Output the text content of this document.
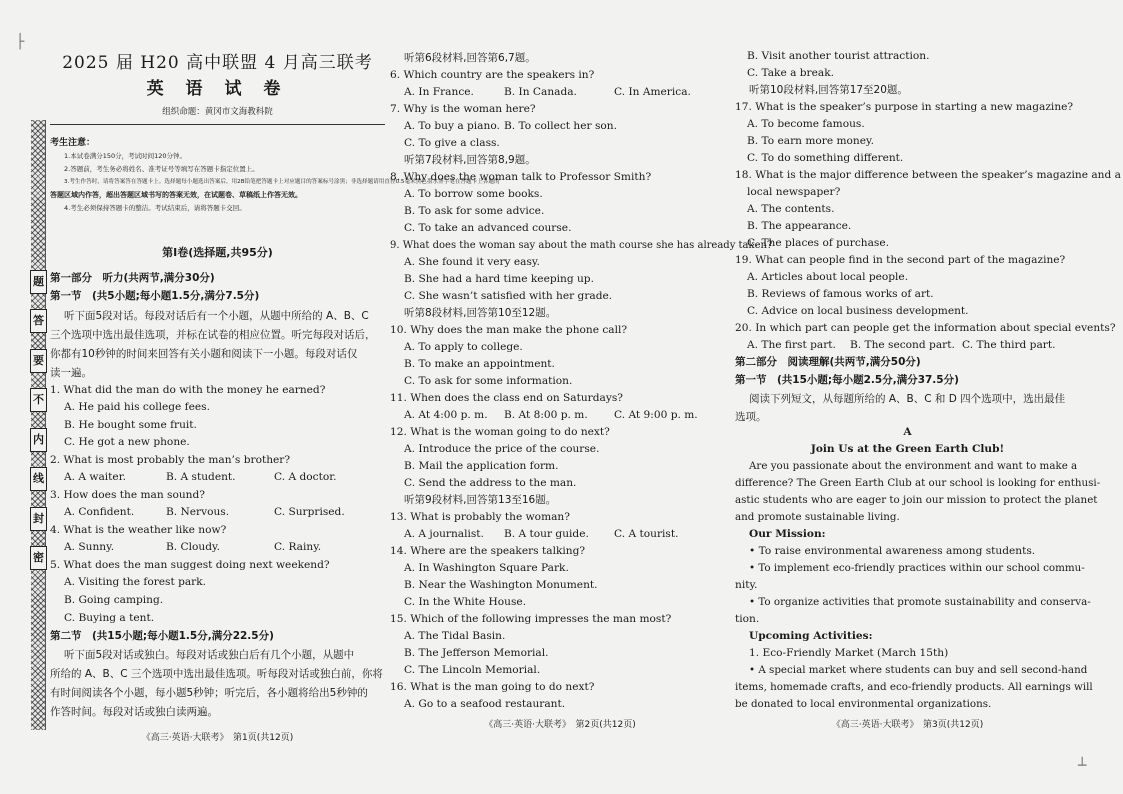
├
┴
题
答
要
不
内
线
封
密
2025 届 H20 高中联盟 4 月高三联考
英 语 试 卷
组织命题：黄冈市文海教科院
考生注意：
1.本试卷满分150分，考试时间120分钟。
2.答题前，考生务必将姓名、准考证号等填写在答题卡指定位置上。
3.考生作答时，请将答案答在答题卡上。选择题每小题选出答案后，用2B铅笔把答题卡上对应题目的答案标号涂黑；非选择题请用直径0.5毫米黑色墨水签字笔在答题卡上各题的
答题区域内作答，超出答题区域书写的答案无效，在试题卷、草稿纸上作答无效。
4.考生必须保持答题卡的整洁。考试结束后，请将答题卡交回。
第Ⅰ卷(选择题,共95分)
第一部分　听力(共两节,满分30分)
第一节　(共5小题;每小题1.5分,满分7.5分)
听下面5段对话。每段对话后有一个小题，从题中所给的 A、B、C
三个选项中选出最佳选项，并标在试卷的相应位置。听完每段对话后，
你都有10秒钟的时间来回答有关小题和阅读下一小题。每段对话仅
读一遍。
1. What did the man do with the money he earned?
A. He paid his college fees.
B. He bought some fruit.
C. He got a new phone.
2. What is most probably the man’s brother?
A. A waiter.	B. A student.	C. A doctor.
3. How does the man sound?
A. Confident.	B. Nervous.	C. Surprised.
4. What is the weather like now?
A. Sunny.	B. Cloudy.	C. Rainy.
5. What does the man suggest doing next weekend?
A. Visiting the forest park.
B. Going camping.
C. Buying a tent.
第二节　(共15小题;每小题1.5分,满分22.5分)
听下面5段对话或独白。每段对话或独白后有几个小题，从题中
所给的 A、B、C 三个选项中选出最佳选项。听每段对话或独白前，你将
有时间阅读各个小题，每小题5秒钟；听完后，各小题将给出5秒钟的
作答时间。每段对话或独白读两遍。
《高三·英语·大联考》　第1页(共12页)
听第6段材料,回答第6,7题。
6. Which country are the speakers in?
A. In France.	B. In Canada.	C. In America.
7. Why is the woman here?
A. To buy a piano. B. To collect her son.
C. To give a class.
听第7段材料,回答第8,9题。
8. Why does the woman talk to Professor Smith?
A. To borrow some books.
B. To ask for some advice.
C. To take an advanced course.
9. What does the woman say about the math course she has already taken?
A. She found it very easy.
B. She had a hard time keeping up.
C. She wasn’t satisfied with her grade.
听第8段材料,回答第10至12题。
10. Why does the man make the phone call?
A. To apply to college.
B. To make an appointment.
C. To ask for some information.
11. When does the class end on Saturdays?
A. At 4:00 p. m.	B. At 8:00 p. m.	C. At 9:00 p. m.
12. What is the woman going to do next?
A. Introduce the price of the course.
B. Mail the application form.
C. Send the address to the man.
听第9段材料,回答第13至16题。
13. What is probably the woman?
A. A journalist.	B. A tour guide.	C. A tourist.
14. Where are the speakers talking?
A. In Washington Square Park.
B. Near the Washington Monument.
C. In the White House.
15. Which of the following impresses the man most?
A. The Tidal Basin.
B. The Jefferson Memorial.
C. The Lincoln Memorial.
16. What is the man going to do next?
A. Go to a seafood restaurant.
《高三·英语·大联考》　第2页(共12页)
B. Visit another tourist attraction.
C. Take a break.
听第10段材料,回答第17至20题。
17. What is the speaker’s purpose in starting a new magazine?
A. To become famous.
B. To earn more money.
C. To do something different.
18. What is the major difference between the speaker’s magazine and a
local newspaper?
A. The contents.
B. The appearance.
C. The places of purchase.
19. What can people find in the second part of the magazine?
A. Articles about local people.
B. Reviews of famous works of art.
C. Advice on local business development.
20. In which part can people get the information about special events?
A. The first part.	B. The second part. C. The third part.
第二部分　阅读理解(共两节,满分50分)
第一节　(共15小题;每小题2.5分,满分37.5分)
阅读下列短文，从每题所给的 A、B、C 和 D 四个选项中，选出最佳
选项。
A
Join Us at the Green Earth Club!
Are you passionate about the environment and want to make a
difference? The Green Earth Club at our school is looking for enthusi-
astic students who are eager to join our mission to protect the planet
and promote sustainable living.
Our Mission:
• To raise environmental awareness among students.
• To implement eco-friendly practices within our school commu-
nity.
• To organize activities that promote sustainability and conserva-
tion.
Upcoming Activities:
1. Eco-Friendly Market (March 15th)
• A special market where students can buy and sell second-hand
items, homemade crafts, and eco-friendly products. All earnings will
be donated to local environmental organizations.
《高三·英语·大联考》　第3页(共12页)
